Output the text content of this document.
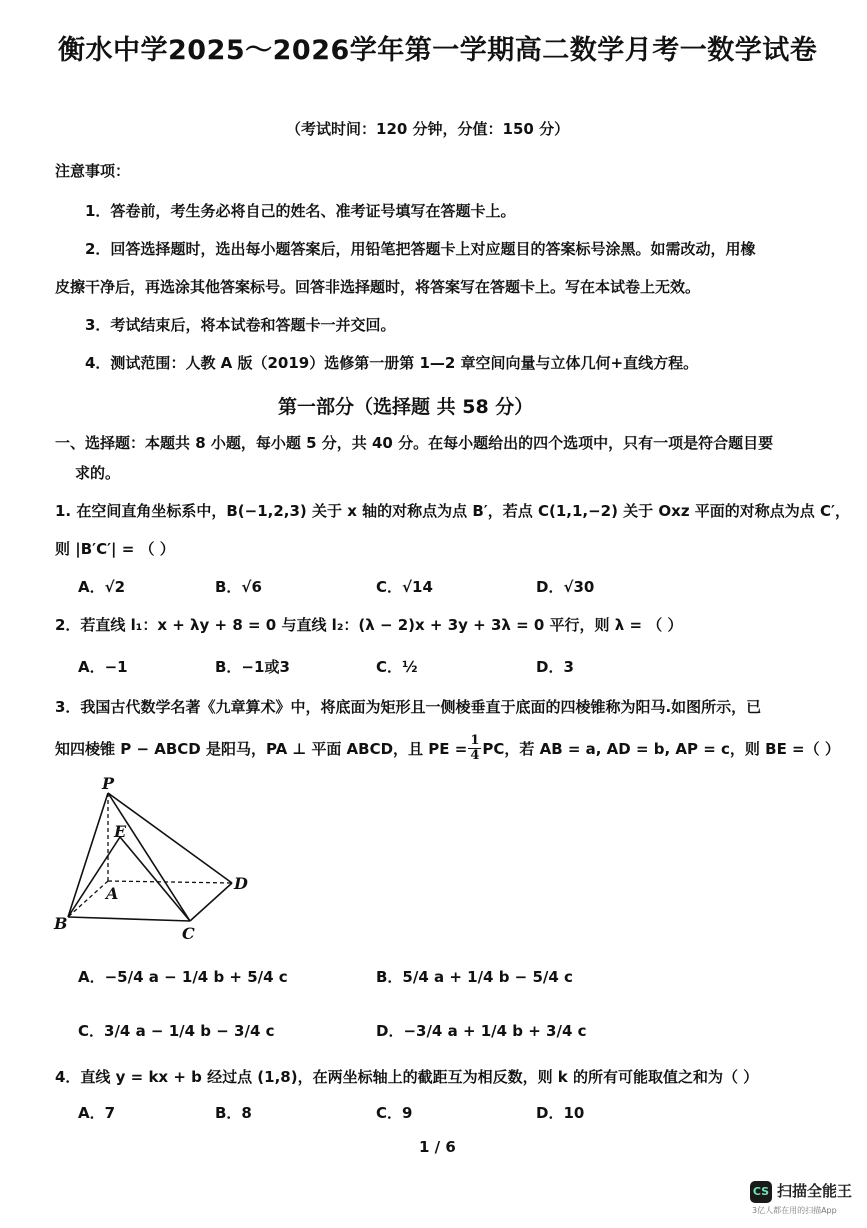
衡水中学2025～2026学年第一学期高二数学月考一数学试卷
（考试时间：120 分钟，分值：150 分）
注意事项：
1．答卷前，考生务必将自己的姓名、准考证号填写在答题卡上。
2．回答选择题时，选出每小题答案后，用铅笔把答题卡上对应题目的答案标号涂黑。如需改动，用橡
皮擦干净后，再选涂其他答案标号。回答非选择题时，将答案写在答题卡上。写在本试卷上无效。
3．考试结束后，将本试卷和答题卡一并交回。
4．测试范围：人教 A 版（2019）选修第一册第 1—2 章空间向量与立体几何+直线方程。
第一部分（选择题 共 58 分）
一、选择题：本题共 8 小题，每小题 5 分，共 40 分。在每小题给出的四个选项中，只有一项是符合题目要
求的。
1. 在空间直角坐标系中，B(−1,2,3) 关于 x 轴的对称点为点 B′，若点 C(1,1,−2) 关于 Oxz 平面的对称点为点 C′，
则 |B′C′| = （ ）
A．√2	B．√6	C．√14	D．√30
2．若直线 l₁：x + λy + 8 = 0 与直线 l₂：(λ − 2)x + 3y + 3λ = 0 平行，则 λ = （ ）
A．−1	B．−1或3	C．½	D．3
3．我国古代数学名著《九章算术》中，将底面为矩形且一侧棱垂直于底面的四棱锥称为阳马.如图所示，已
知四棱锥 P − ABCD 是阳马，PA ⊥ 平面 ABCD，且 PE = $\frac{1}{4}$ PC，若 AB = a, AD = b, AP = c，则 BE =（ ）
P
E
A
B
C
D
A．−5/4 a − 1/4 b + 5/4 c	B．5/4 a + 1/4 b − 5/4 c
C．3/4 a − 1/4 b − 3/4 c	D．−3/4 a + 1/4 b + 3/4 c
4．直线 y = kx + b 经过点 (1,8)，在两坐标轴上的截距互为相反数，则 k 的所有可能取值之和为（ ）
A．7	B．8	C．9	D．10
1 / 6
CS 扫描全能王
3亿人都在用的扫描App
